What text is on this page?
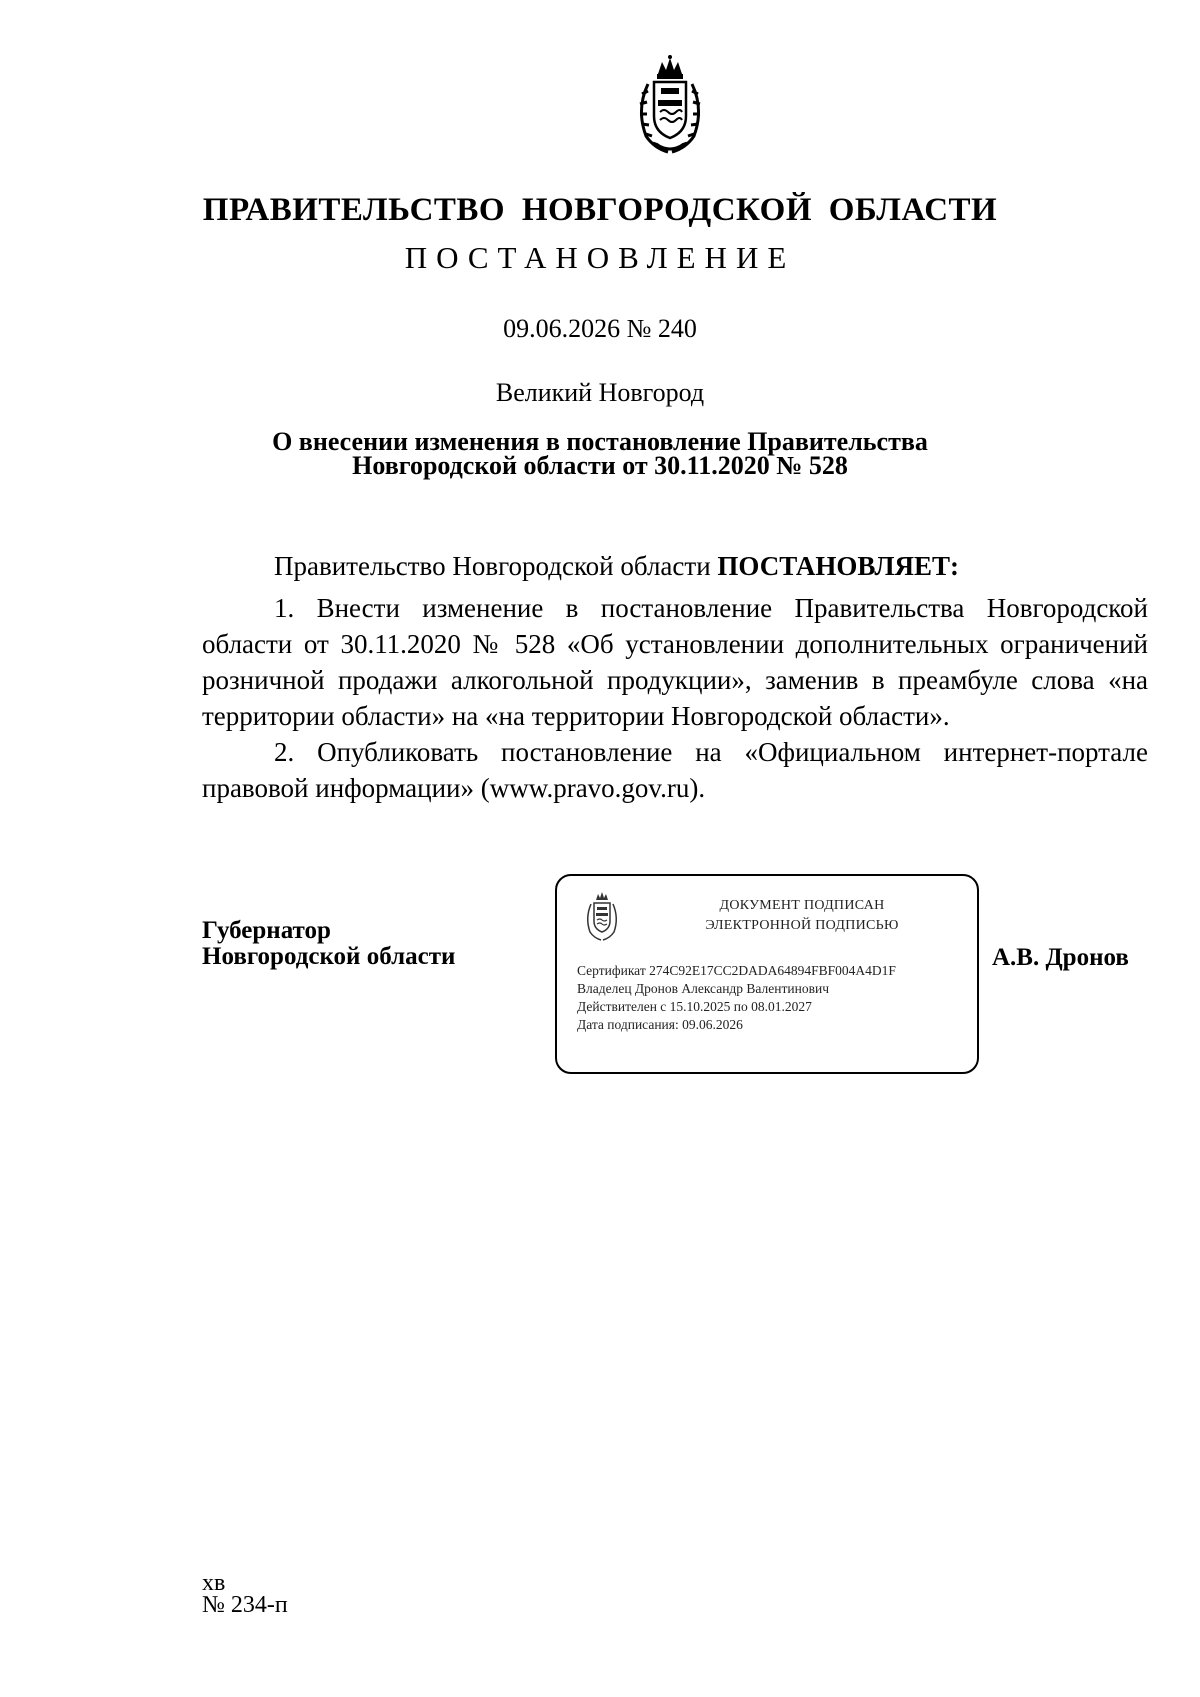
ПРАВИТЕЛЬСТВО НОВГОРОДСКОЙ ОБЛАСТИ
ПОСТАНОВЛЕНИЕ
09.06.2026 № 240
Великий Новгород
О внесении изменения в постановление Правительства
Новгородской области от 30.11.2020 № 528

Правительство Новгородской области ПОСТАНОВЛЯЕТ:

1. Внести изменение в постановление Правительства Новгородской области от 30.11.2020 № 528 «Об установлении дополнительных ограничений розничной продажи алкогольной продукции», заменив в преамбуле слова «на территории области» на «на территории Новгородской области».

2. Опубликовать постановление на «Официальном интернет-портале правовой информации» (www.pravo.gov.ru).

Губернатор
Новгородской области
ДОКУМЕНТ ПОДПИСАН
ЭЛЕКТРОННОЙ ПОДПИСЬЮ
Сертификат 274C92E17CC2DADA64894FBF004A4D1F
Владелец Дронов Александр Валентинович
Действителен с 15.10.2025 по 08.01.2027
Дата подписания: 09.06.2026
А.В. Дронов
хв
№ 234-п
